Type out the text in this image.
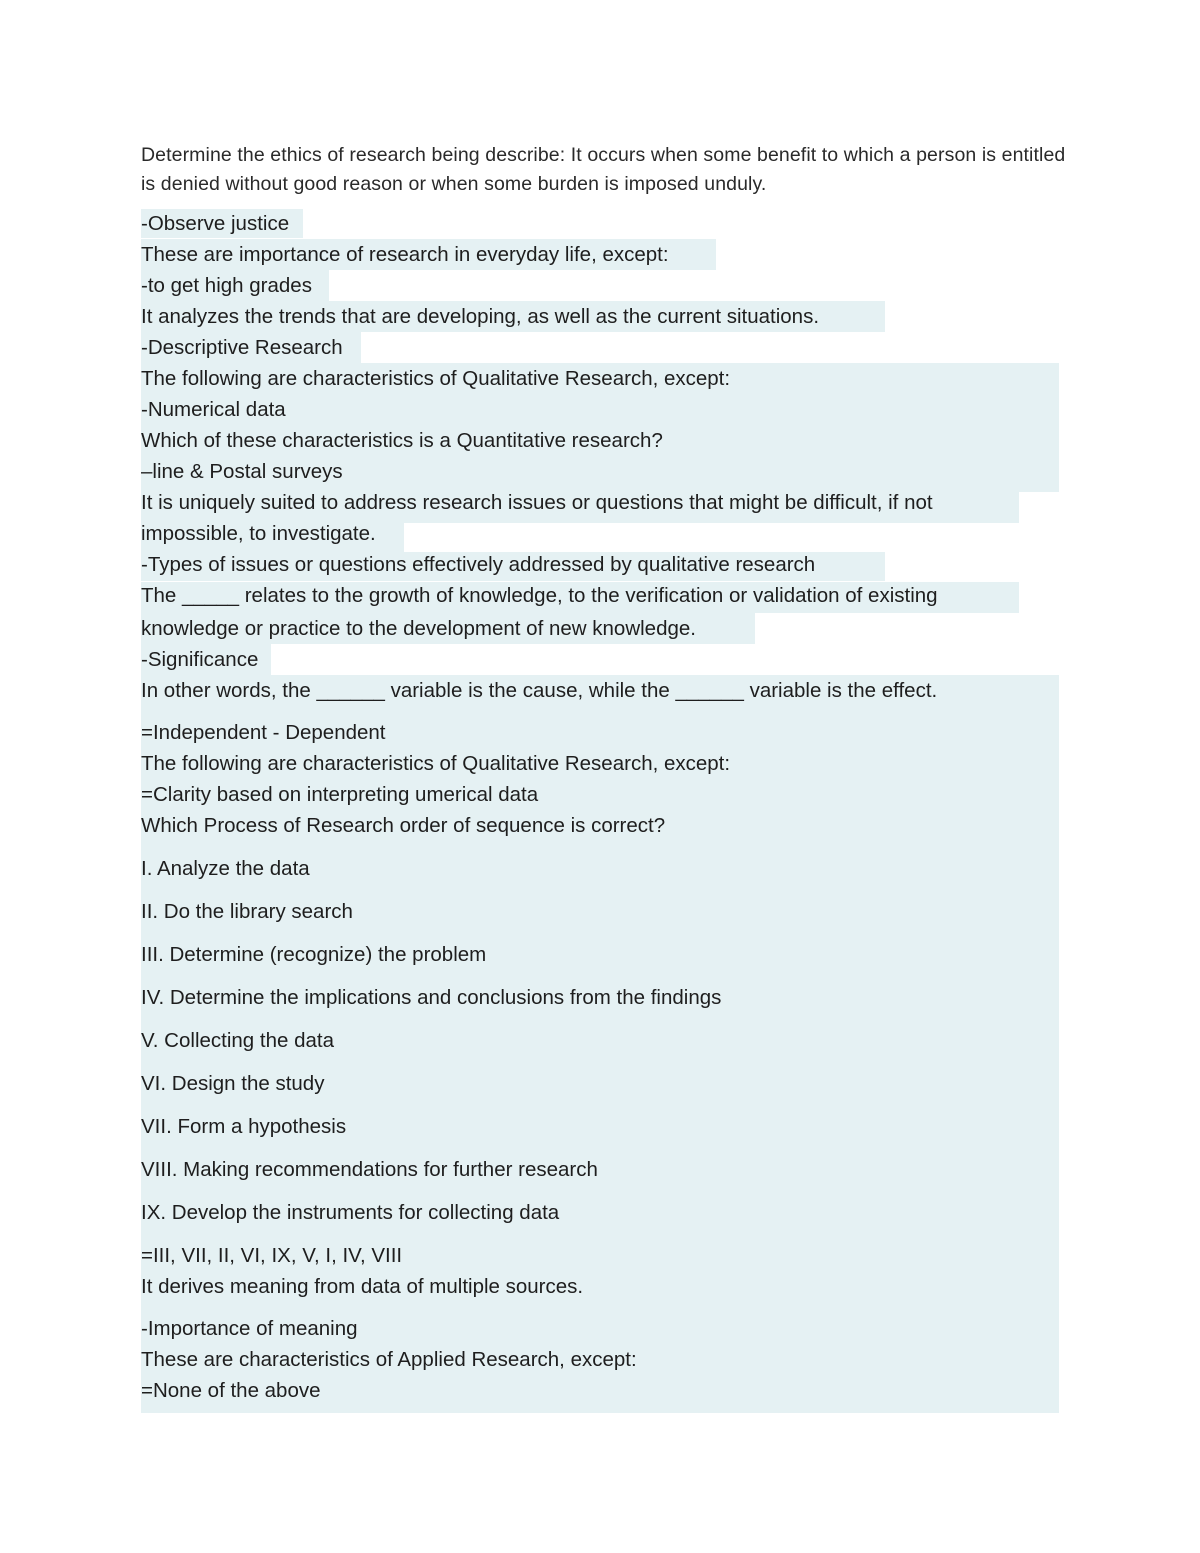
Determine the ethics of research being describe: It occurs when some benefit to which a person is entitled is denied without good reason or when some burden is imposed unduly.
-Observe justice
These are importance of research in everyday life, except:
-to get high grades
It analyzes the trends that are developing, as well as the current situations.
-Descriptive Research
The following are characteristics of Qualitative Research, except:
-Numerical data
Which of these characteristics is a Quantitative research?
–line & Postal surveys
It is uniquely suited to address research issues or questions that might be difficult, if not
impossible, to investigate.
-Types of issues or questions effectively addressed by qualitative research
The _____ relates to the growth of knowledge, to the verification or validation of existing
knowledge or practice to the development of new knowledge.
-Significance
In other words, the ______ variable is the cause, while the ______ variable is the effect.
=Independent - Dependent
The following are characteristics of Qualitative Research, except:
=Clarity based on interpreting umerical data
Which Process of Research order of sequence is correct?
I. Analyze the data
II. Do the library search
III. Determine (recognize) the problem
IV. Determine the implications and conclusions from the findings
V. Collecting the data
VI. Design the study
VII. Form a hypothesis
VIII. Making recommendations for further research
IX. Develop the instruments for collecting data
=III, VII, II, VI, IX, V, I, IV, VIII
It derives meaning from data of multiple sources.
-Importance of meaning
These are characteristics of Applied Research, except:
=None of the above
